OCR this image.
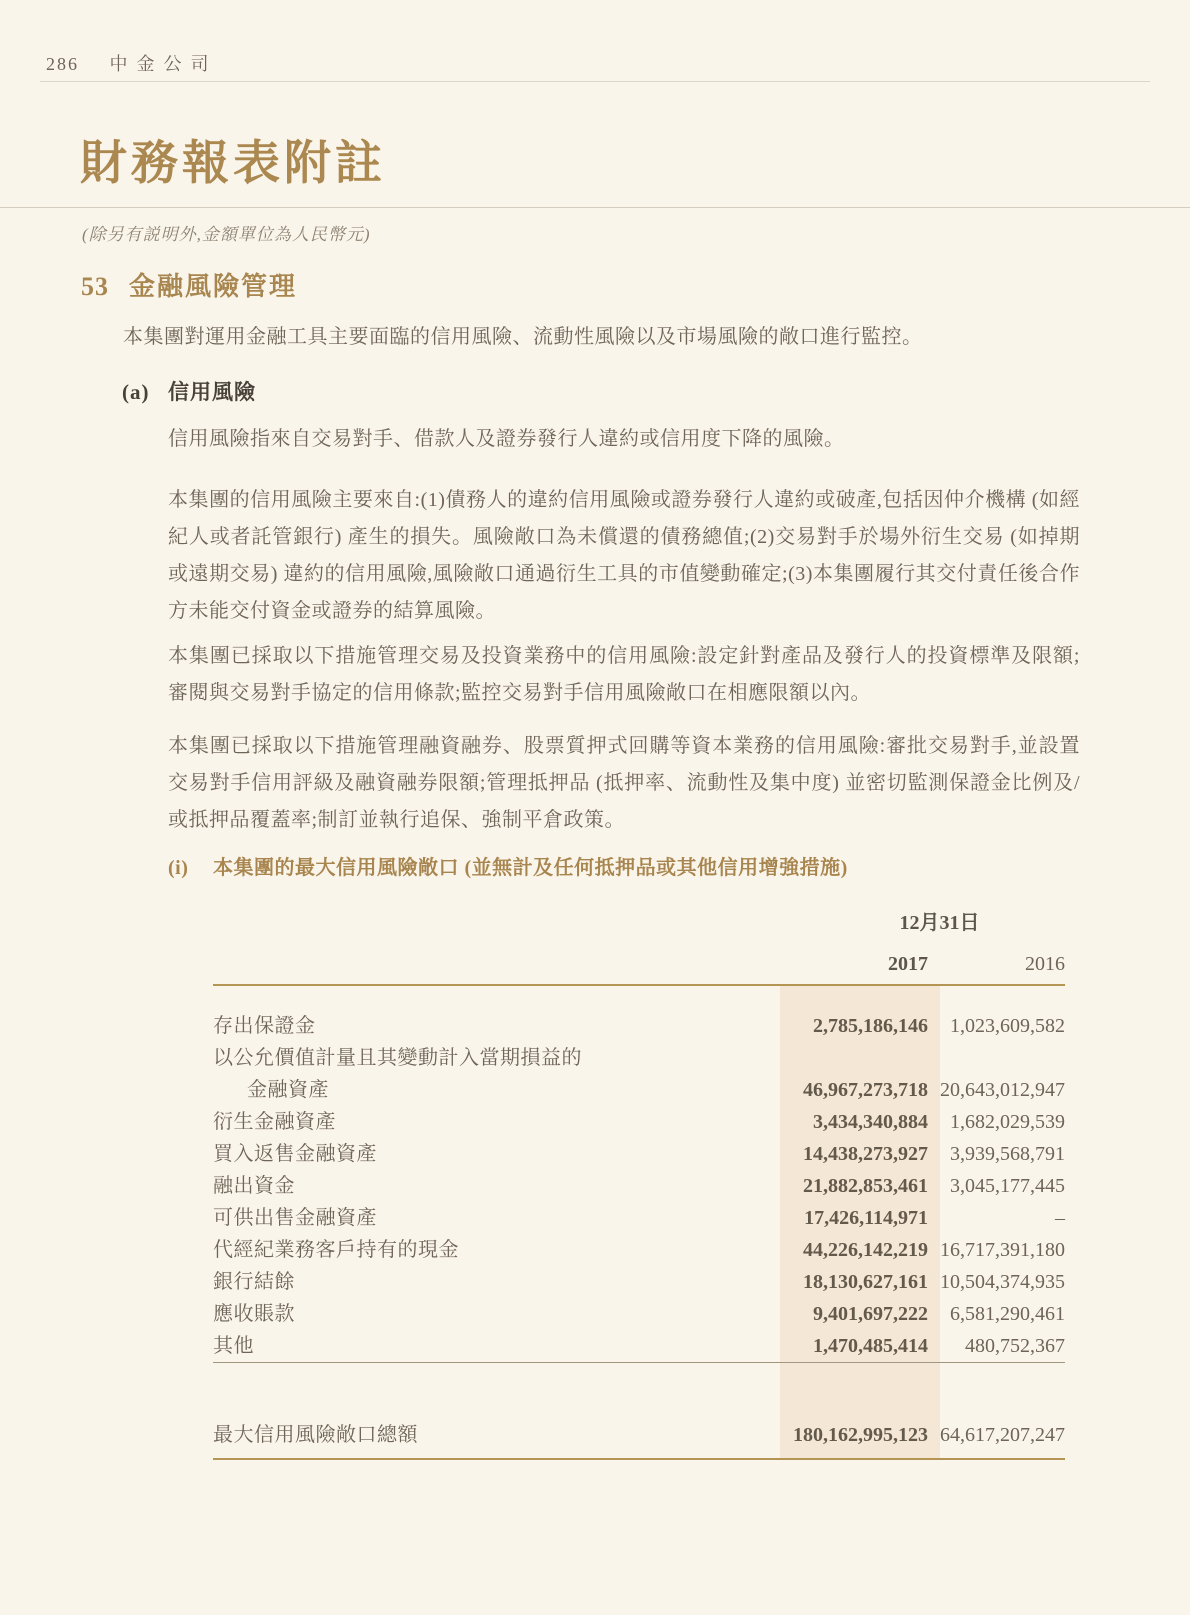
286 中金公司
財務報表附註
(除另有説明外,金額單位為人民幣元)
53 金融風險管理

本集團對運用金融工具主要面臨的信用風險、流動性風險以及市場風險的敞口進行監控。

(a) 信用風險

信用風險指來自交易對手、借款人及證券發行人違約或信用度下降的風險。

本集團的信用風險主要來自:(1)債務人的違約信用風險或證券發行人違約或破產,包括因仲介機構 (如經紀人或者託管銀行) 產生的損失。風險敞口為未償還的債務總值;(2)交易對手於場外衍生交易 (如掉期或遠期交易) 違約的信用風險,風險敞口通過衍生工具的市值變動確定;(3)本集團履行其交付責任後合作方未能交付資金或證券的結算風險。

本集團已採取以下措施管理交易及投資業務中的信用風險:設定針對產品及發行人的投資標準及限額;審閱與交易對手協定的信用條款;監控交易對手信用風險敞口在相應限額以內。

本集團已採取以下措施管理融資融券、股票質押式回購等資本業務的信用風險:審批交易對手,並設置交易對手信用評級及融資融券限額;管理抵押品 (抵押率、流動性及集中度) 並密切監測保證金比例及/或抵押品覆蓋率;制訂並執行追保、強制平倉政策。

(i) 本集團的最大信用風險敞口 (並無計及任何抵押品或其他信用增強措施)
	12月31日	
	2017	2016

存出保證金	2,785,186,146	1,023,609,582
以公允價值計量且其變動計入當期損益的		
金融資產	46,967,273,718	20,643,012,947
衍生金融資產	3,434,340,884	1,682,029,539
買入返售金融資產	14,438,273,927	3,939,568,791
融出資金	21,882,853,461	3,045,177,445
可供出售金融資產	17,426,114,971	–
代經紀業務客戶持有的現金	44,226,142,219	16,717,391,180
銀行結餘	18,130,627,161	10,504,374,935
應收賬款	9,401,697,222	6,581,290,461
其他	1,470,485,414	480,752,367

最大信用風險敞口總額	180,162,995,123	64,617,207,247
